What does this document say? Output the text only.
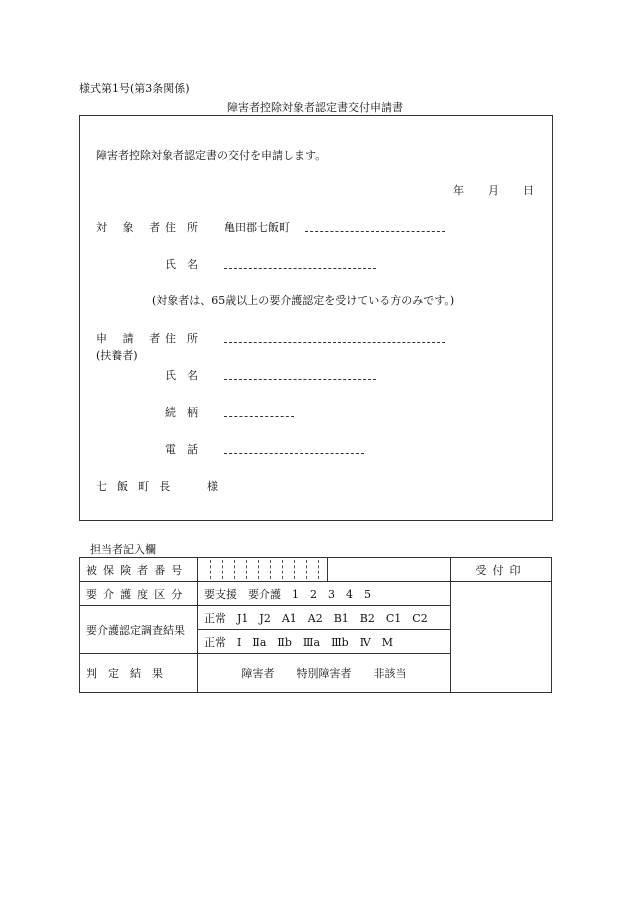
様式第1号(第3条関係)
障害者控除対象者認定書交付申請書
障害者控除対象者認定書の交付を申請します。
年 月 日
対 象 者
住　所 亀田郡七飯町
氏　名
(対象者は、65歳以上の要介護認定を受けている方のみです。)
申 請 者
(扶養者)
住　所
氏　名
続　柄
電　話
七 飯 町 長	様
担当者記入欄
被保険者番号			受付印
要介護度区分	要支援　要介護　1　2　3　4　5		
要介護認定調査結果	正常　J1　J2　A1　A2　B1　B2　C1　C2		
	正常　Ⅰ　Ⅱa　Ⅱb　Ⅲa　Ⅲb　Ⅳ　M		
判　定　結　果	障害者　　特別障害者　　非該当		
